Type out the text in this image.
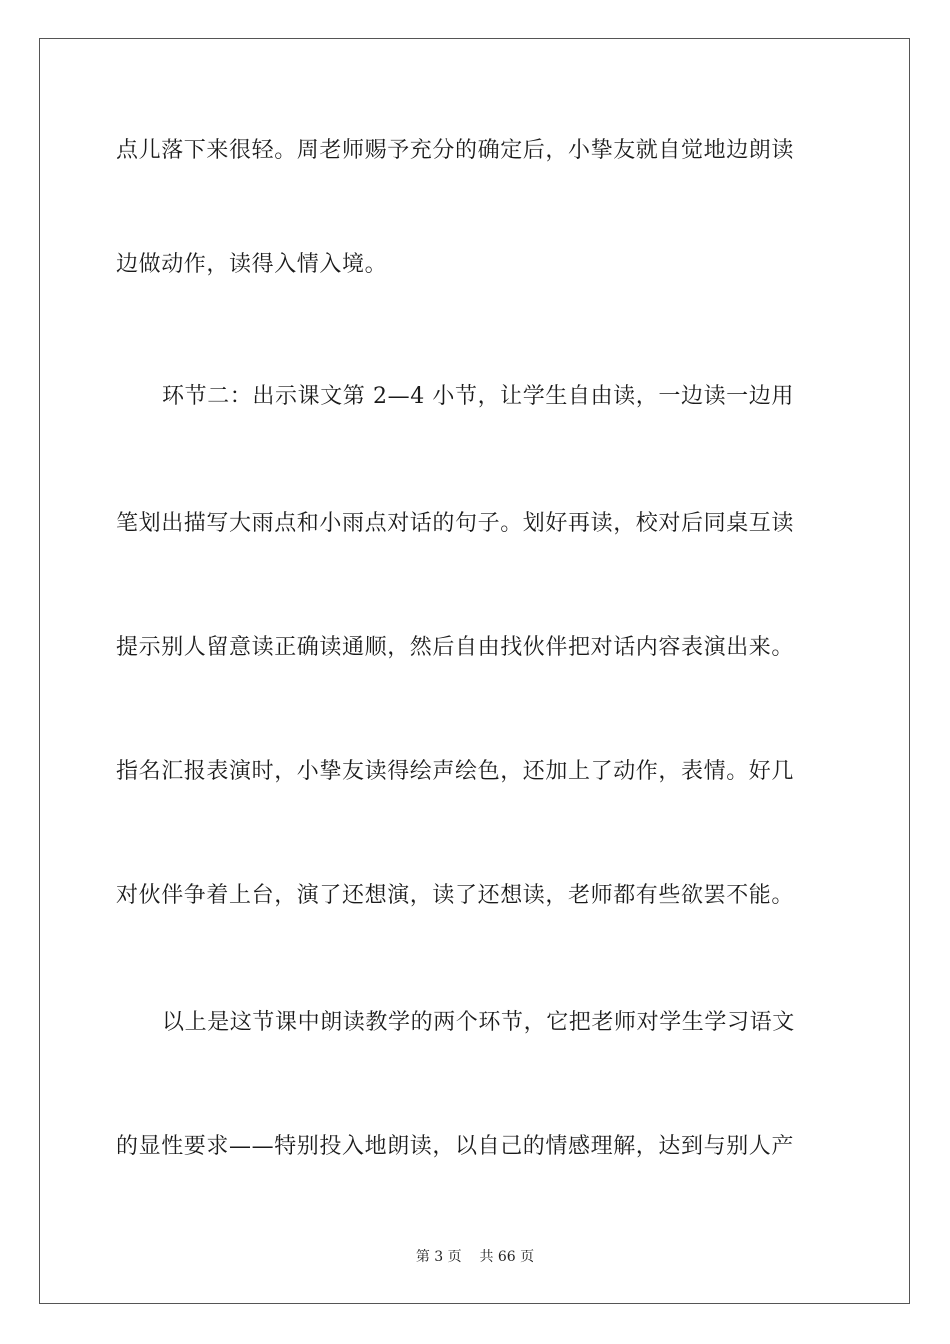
点儿落下来很轻。周老师赐予充分的确定后，小挚友就自觉地边朗读
边做动作，读得入情入境。
环节二：出示课文第 2—4 小节，让学生自由读，一边读一边用
笔划出描写大雨点和小雨点对话的句子。划好再读，校对后同桌互读
提示别人留意读正确读通顺，然后自由找伙伴把对话内容表演出来。
指名汇报表演时，小挚友读得绘声绘色，还加上了动作，表情。好几
对伙伴争着上台，演了还想演，读了还想读，老师都有些欲罢不能。
以上是这节课中朗读教学的两个环节，它把老师对学生学习语文
的显性要求——特别投入地朗读，以自己的情感理解，达到与别人产
第 3 页 共 66 页
